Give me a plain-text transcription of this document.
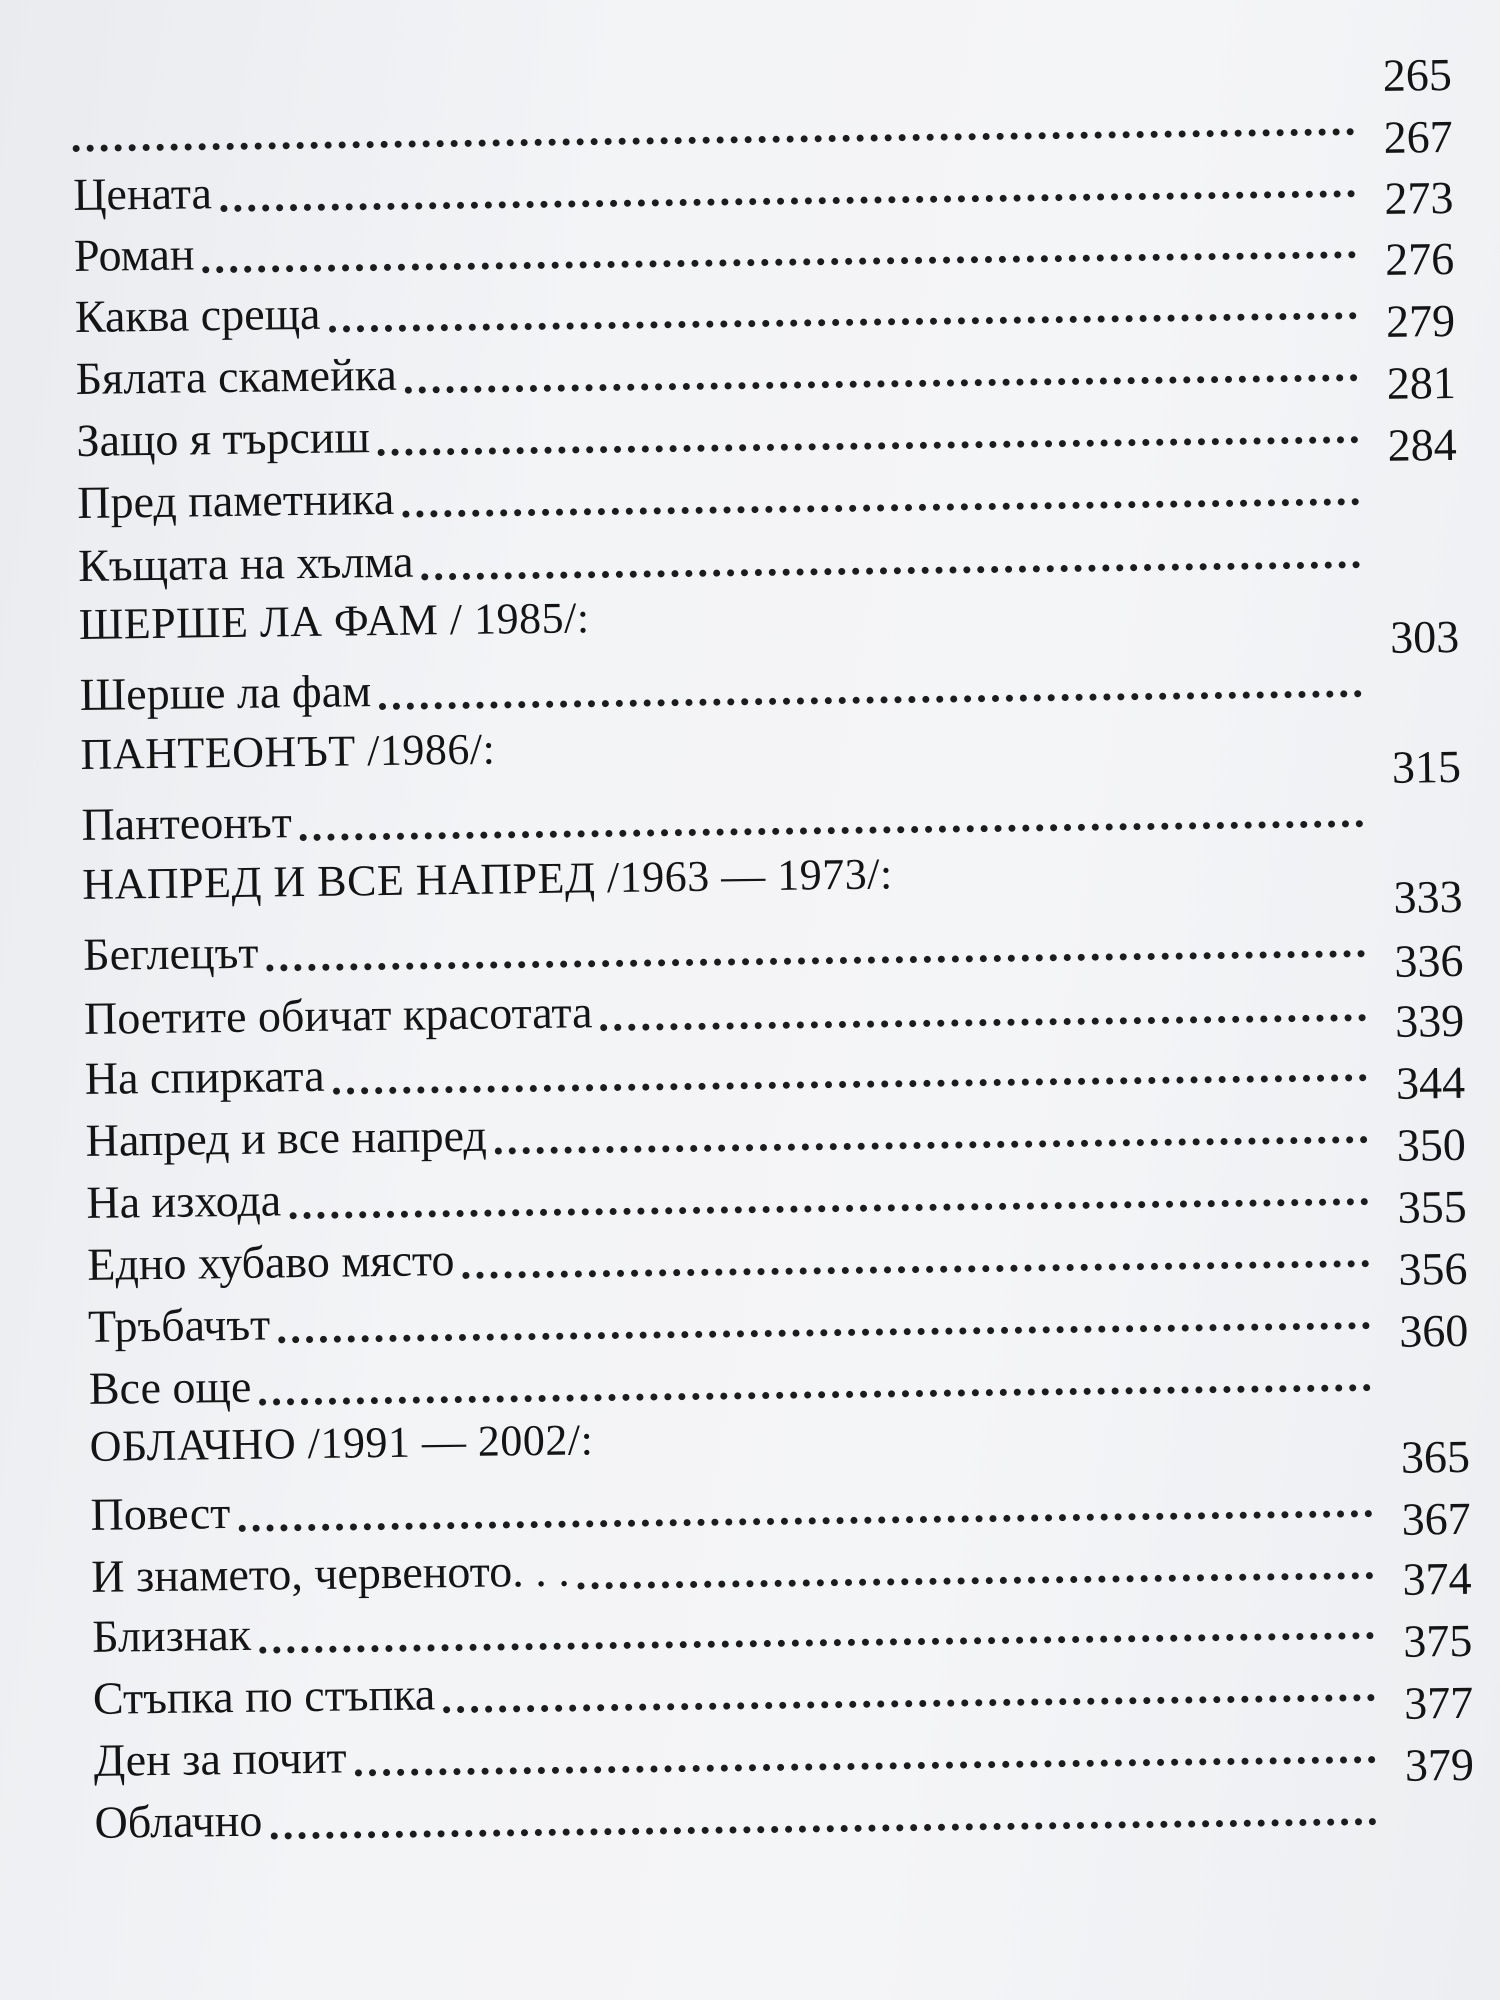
265
Цената
267
Роман
273
Каква среща
276
Бялата скамейка
279
Защо я търсиш
281
Пред паметника
284
Къщата на хълма
ШЕРШЕ ЛА ФАМ / 1985/:
Шерше ла фам
303
ПАНТЕОНЪТ /1986/:
Пантеонът
315
НАПРЕД И ВСЕ НАПРЕД /1963 — 1973/:
Беглецът
333
Поетите обичат красотата
336
На спирката
339
Напред и все напред
344
На изхода
350
Едно хубаво място
355
Тръбачът
356
Все още
360
ОБЛАЧНО /1991 — 2002/:
Повест
365
И знамето, червеното. . .
367
Близнак
374
Стъпка по стъпка
375
Ден за почит
377
Облачно
379
